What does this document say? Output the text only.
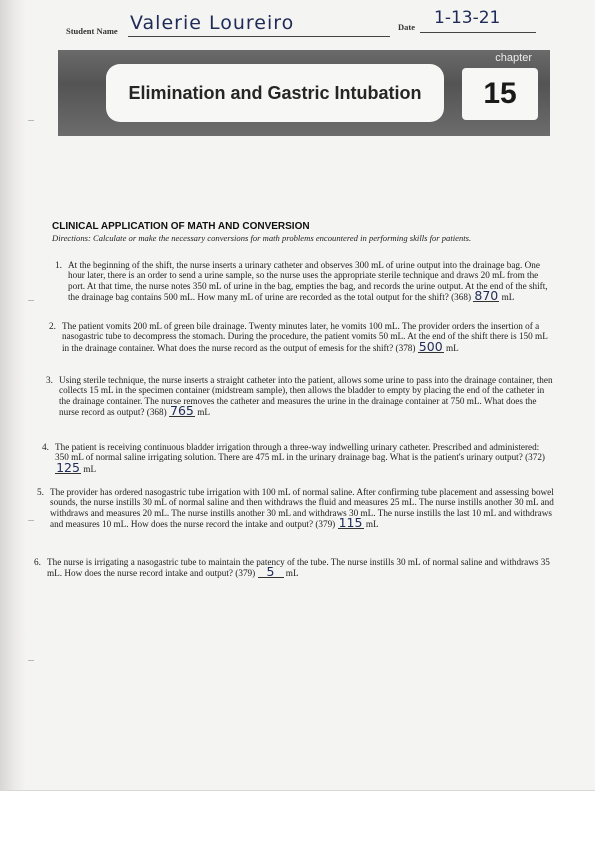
Student Name Valerie Loureiro	Date 1-13-21
Elimination and Gastric Intubation
chapter
15
CLINICAL APPLICATION OF MATH AND CONVERSION
Directions: Calculate or make the necessary conversions for math problems encountered in performing skills for patients.
1. At the beginning of the shift, the nurse inserts a urinary catheter and observes 300 mL of urine output into the drainage bag. One hour later, there is an order to send a urine sample, so the nurse uses the appropriate sterile technique and draws 20 mL from the port. At that time, the nurse notes 350 mL of urine in the bag, empties the bag, and records the urine output. At the end of the shift, the drainage bag contains 500 mL. How many mL of urine are recorded as the total output for the shift? (368) 870 mL
2. The patient vomits 200 mL of green bile drainage. Twenty minutes later, he vomits 100 mL. The provider orders the insertion of a nasogastric tube to decompress the stomach. During the procedure, the patient vomits 50 mL. At the end of the shift there is 150 mL in the drainage container. What does the nurse record as the output of emesis for the shift? (378) 500 mL
3. Using sterile technique, the nurse inserts a straight catheter into the patient, allows some urine to pass into the drainage container, then collects 15 mL in the specimen container (midstream sample), then allows the bladder to empty by placing the end of the catheter in the drainage container. The nurse removes the catheter and measures the urine in the drainage container at 750 mL. What does the nurse record as output? (368) 765 mL
4. The patient is receiving continuous bladder irrigation through a three-way indwelling urinary catheter. Prescribed and administered: 350 mL of normal saline irrigating solution. There are 475 mL in the urinary drainage bag. What is the patient's urinary output? (372) 125 mL
5. The provider has ordered nasogastric tube irrigation with 100 mL of normal saline. After confirming tube placement and assessing bowel sounds, the nurse instills 30 mL of normal saline and then withdraws the fluid and measures 25 mL. The nurse instills another 30 mL and withdraws and measures 20 mL. The nurse instills another 30 mL and withdraws 30 mL. The nurse instills the last 10 mL and withdraws and measures 10 mL. How does the nurse record the intake and output? (379) 115 mL
6. The nurse is irrigating a nasogastric tube to maintain the patency of the tube. The nurse instills 30 mL of normal saline and withdraws 35 mL. How does the nurse record intake and output? (379) 5 mL
